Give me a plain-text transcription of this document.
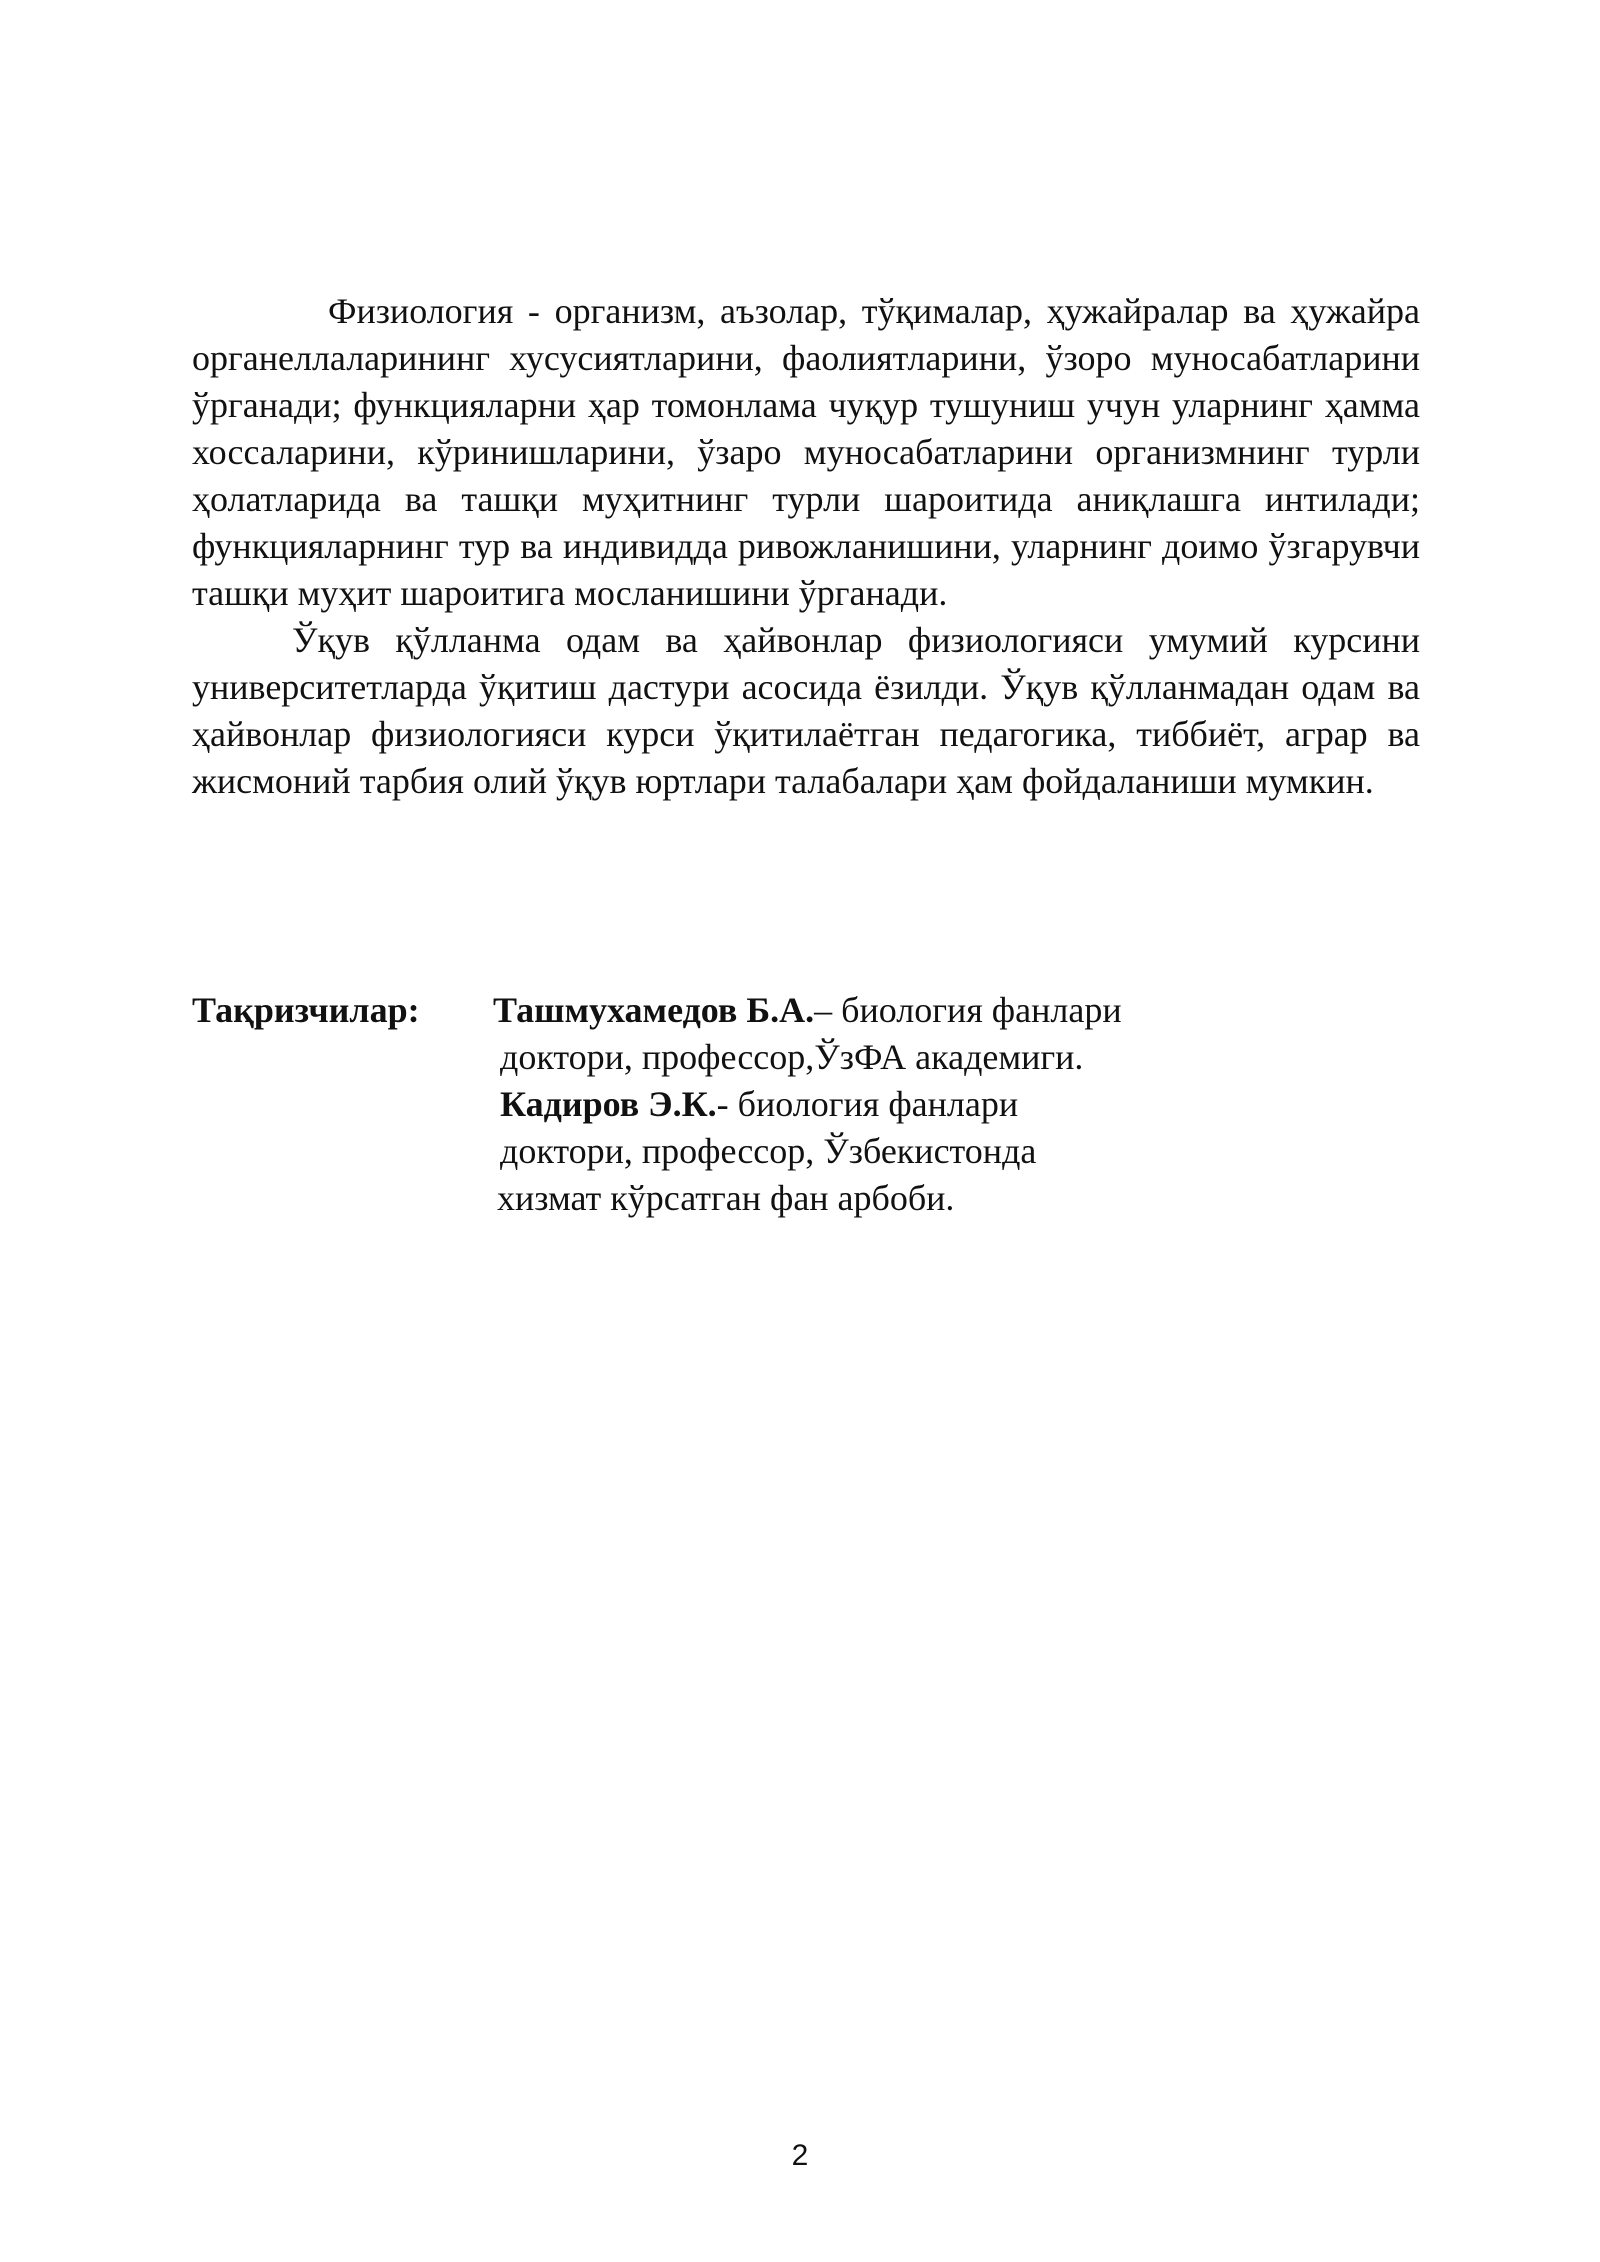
Физиология - организм, аъзолар, тўқималар, ҳужайралар ва ҳужайра органеллаларининг хусусиятларини, фаолиятларини, ўзоро муносабатларини ўрганади; функцияларни ҳар томонлама чуқур тушуниш учун уларнинг ҳамма хоссаларини, кўринишларини, ўзаро муносабатларини организмнинг турли ҳолатларида ва ташқи муҳитнинг турли шароитида аниқлашга интилади; функцияларнинг тур ва индивидда ривожланишини, уларнинг доимо ўзгарувчи ташқи муҳит шароитига мосланишини ўрганади.

Ўқув қўлланма одам ва ҳайвонлар физиологияси умумий курсини университетларда ўқитиш дастури асосида ёзилди. Ўқув қўлланмадан одам ва ҳайвонлар физиологияси курси ўқитилаётган педагогика, тиббиёт, аграр ва жисмоний тарбия олий ўқув юртлари талабалари ҳам фойдаланиши мумкин.

Тақризчилар: Ташмухамедов Б.А.– биология фанлари
доктори, профессор,ЎзФА академиги.
Кадиров Э.К.- биология фанлари
доктори, профессор, Ўзбекистонда
хизмат кўрсатган фан арбоби.
2
